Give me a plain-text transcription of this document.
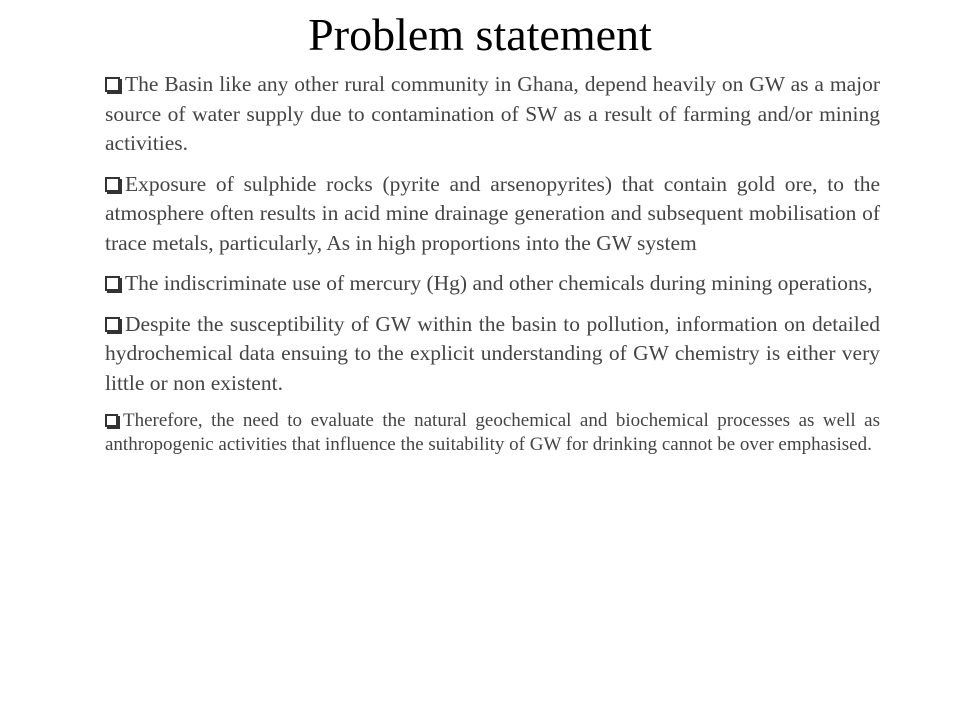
Problem statement
The Basin like any other rural community in Ghana, depend heavily on GW as a major source of water supply due to contamination of SW as a result of farming and/or mining activities.
Exposure of sulphide rocks (pyrite and arsenopyrites) that contain gold ore, to the atmosphere often results in acid mine drainage generation and subsequent mobilisation of trace metals, particularly, As in high proportions into the GW system
The indiscriminate use of mercury (Hg) and other chemicals during mining operations,
Despite the susceptibility of GW within the basin to pollution, information on detailed hydrochemical data ensuing to the explicit understanding of GW chemistry is either very little or non existent.
Therefore, the need to evaluate the natural geochemical and biochemical processes as well as anthropogenic activities that influence the suitability of GW for drinking cannot be over emphasised.
